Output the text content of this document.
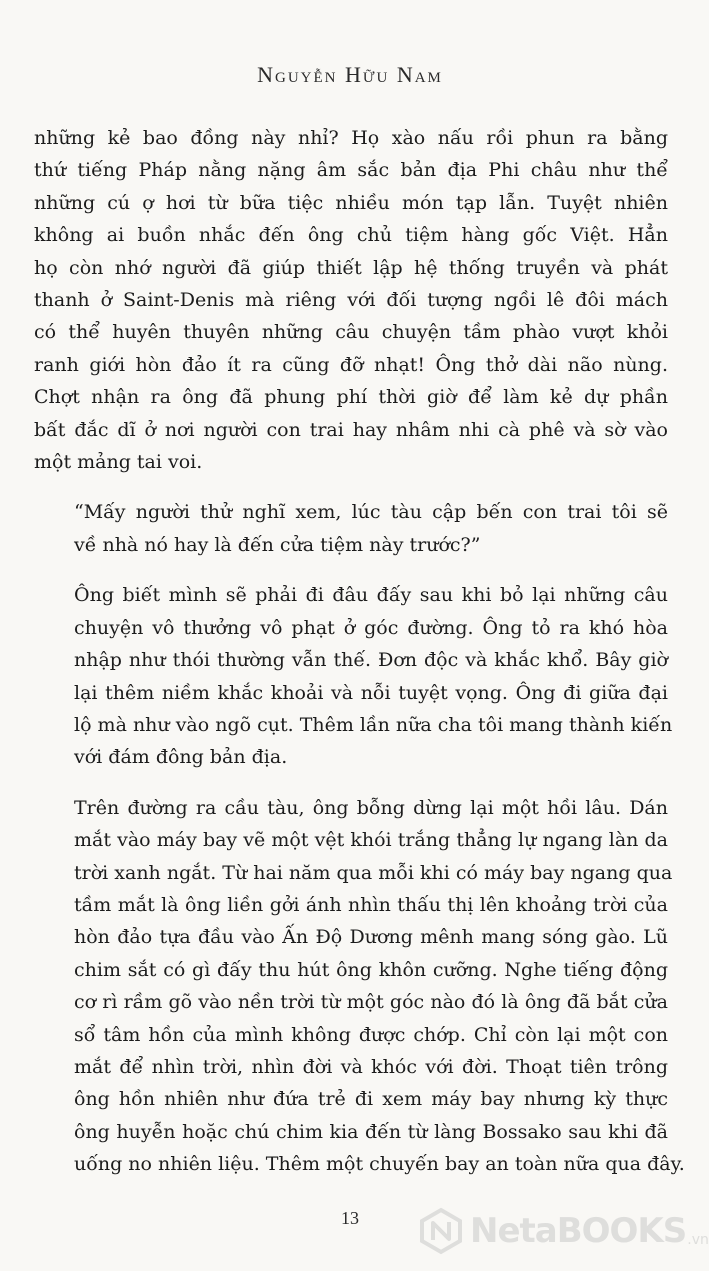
Nguyễn Hữu Nam

những kẻ bao đồng này nhỉ? Họ xào nấu rồi phun ra bằng
thứ tiếng Pháp nằng nặng âm sắc bản địa Phi châu như thể
những cú ợ hơi từ bữa tiệc nhiều món tạp lẫn. Tuyệt nhiên
không ai buồn nhắc đến ông chủ tiệm hàng gốc Việt. Hẳn
họ còn nhớ người đã giúp thiết lập hệ thống truyền và phát
thanh ở Saint-Denis mà riêng với đối tượng ngồi lê đôi mách
có thể huyên thuyên những câu chuyện tầm phào vượt khỏi
ranh giới hòn đảo ít ra cũng đỡ nhạt! Ông thở dài não nùng.
Chợt nhận ra ông đã phung phí thời giờ để làm kẻ dự phần
bất đắc dĩ ở nơi người con trai hay nhâm nhi cà phê và sờ vào
một mảng tai voi.

“Mấy người thử nghĩ xem, lúc tàu cập bến con trai tôi sẽ
về nhà nó hay là đến cửa tiệm này trước?”

Ông biết mình sẽ phải đi đâu đấy sau khi bỏ lại những câu
chuyện vô thưởng vô phạt ở góc đường. Ông tỏ ra khó hòa
nhập như thói thường vẫn thế. Đơn độc và khắc khổ. Bây giờ
lại thêm niềm khắc khoải và nỗi tuyệt vọng. Ông đi giữa đại
lộ mà như vào ngõ cụt. Thêm lần nữa cha tôi mang thành kiến
với đám đông bản địa.

Trên đường ra cầu tàu, ông bỗng dừng lại một hồi lâu. Dán
mắt vào máy bay vẽ một vệt khói trắng thẳng lự ngang làn da
trời xanh ngắt. Từ hai năm qua mỗi khi có máy bay ngang qua
tầm mắt là ông liền gởi ánh nhìn thấu thị lên khoảng trời của
hòn đảo tựa đầu vào Ấn Độ Dương mênh mang sóng gào. Lũ
chim sắt có gì đấy thu hút ông khôn cưỡng. Nghe tiếng động
cơ rì rầm gõ vào nền trời từ một góc nào đó là ông đã bắt cửa
sổ tâm hồn của mình không được chớp. Chỉ còn lại một con
mắt để nhìn trời, nhìn đời và khóc với đời. Thoạt tiên trông
ông hồn nhiên như đứa trẻ đi xem máy bay nhưng kỳ thực
ông huyễn hoặc chú chim kia đến từ làng Bossako sau khi đã
uống no nhiên liệu. Thêm một chuyến bay an toàn nữa qua đây.

13	NetaBOOKS .vn
